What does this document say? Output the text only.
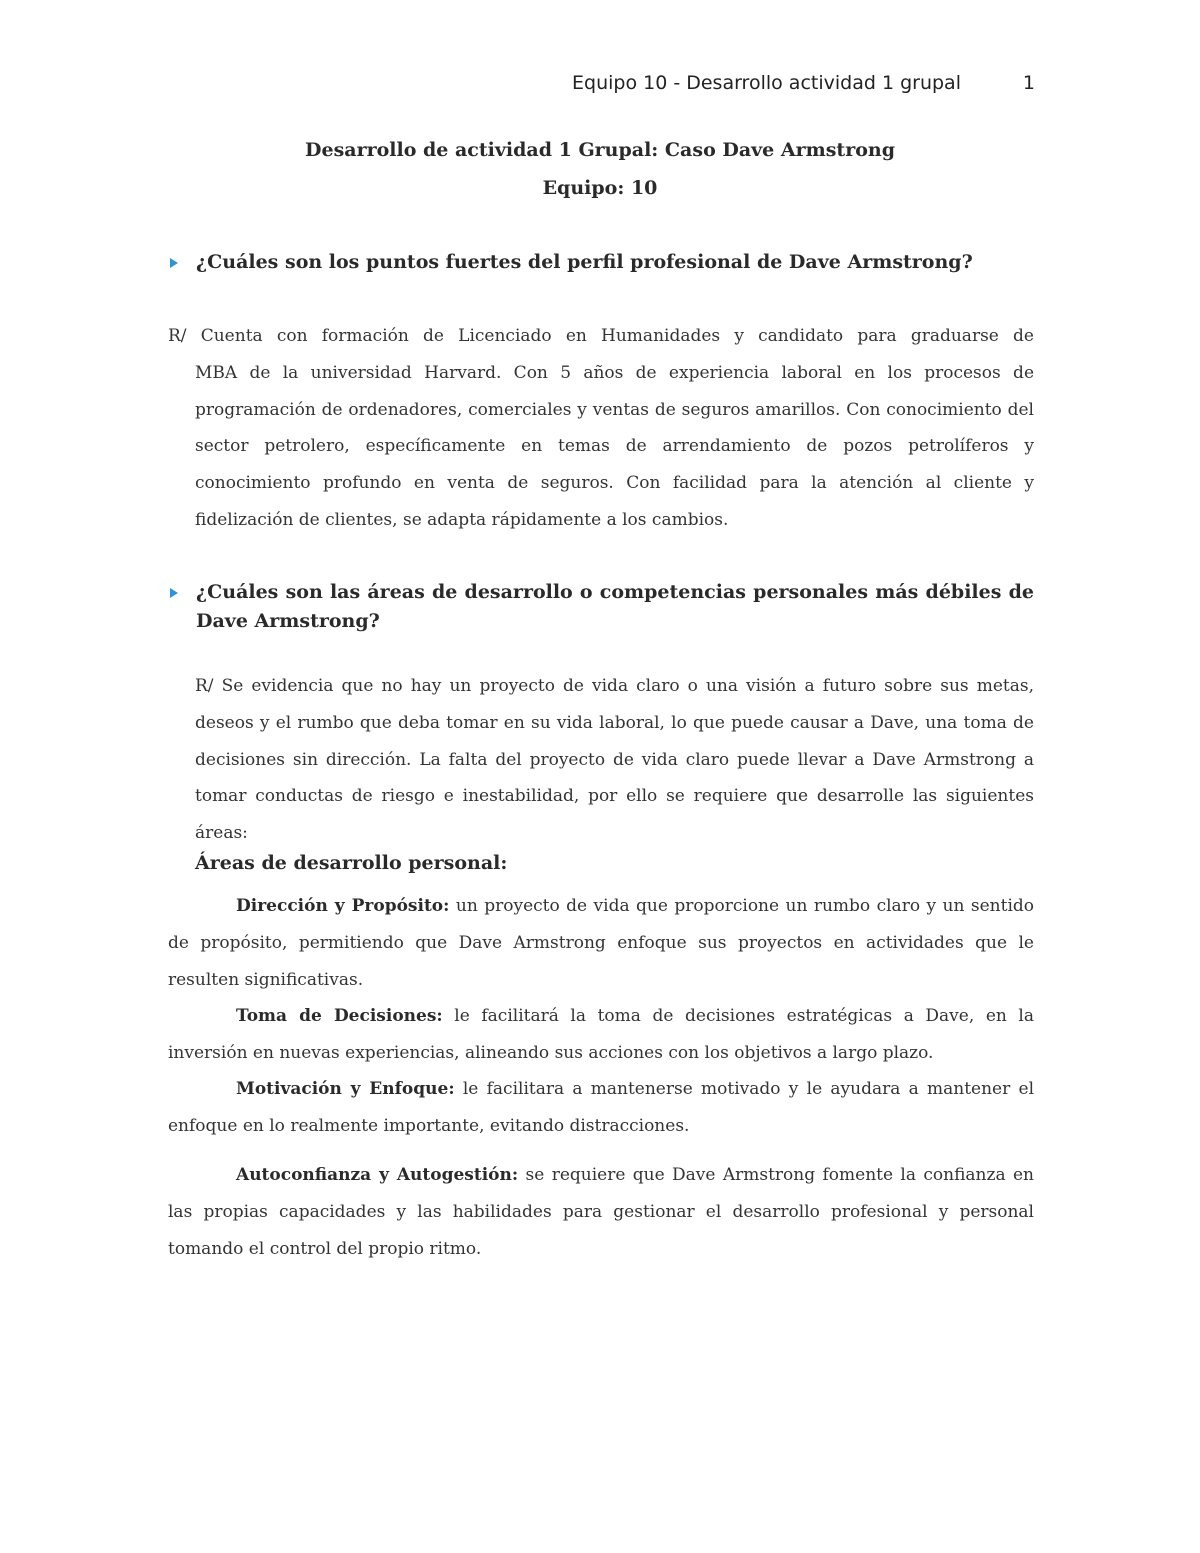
Equipo 10 - Desarrollo actividad 1 grupal	1
Desarrollo de actividad 1 Grupal: Caso Dave Armstrong
Equipo: 10
¿Cuáles son los puntos fuertes del perfil profesional de Dave Armstrong?
R/ Cuenta con formación de Licenciado en Humanidades y candidato para graduarse de
MBA de la universidad Harvard. Con 5 años de experiencia laboral en los procesos de programación de ordenadores, comerciales y ventas de seguros amarillos. Con conocimiento del sector petrolero, específicamente en temas de arrendamiento de pozos petrolíferos y conocimiento profundo en venta de seguros. Con facilidad para la atención al cliente y fidelización de clientes, se adapta rápidamente a los cambios.
¿Cuáles son las áreas de desarrollo o competencias personales más débiles de Dave Armstrong?
R/ Se evidencia que no hay un proyecto de vida claro o una visión a futuro sobre sus metas, deseos y el rumbo que deba tomar en su vida laboral, lo que puede causar a Dave, una toma de decisiones sin dirección. La falta del proyecto de vida claro puede llevar a Dave Armstrong a tomar conductas de riesgo e inestabilidad, por ello se requiere que desarrolle las siguientes áreas:
Áreas de desarrollo personal:
Dirección y Propósito: un proyecto de vida que proporcione un rumbo claro y un sentido de propósito, permitiendo que Dave Armstrong enfoque sus proyectos en actividades que le resulten significativas.
Toma de Decisiones: le facilitará la toma de decisiones estratégicas a Dave, en la inversión en nuevas experiencias, alineando sus acciones con los objetivos a largo plazo.
Motivación y Enfoque: le facilitara a mantenerse motivado y le ayudara a mantener el enfoque en lo realmente importante, evitando distracciones.
Autoconfianza y Autogestión: se requiere que Dave Armstrong fomente la confianza en las propias capacidades y las habilidades para gestionar el desarrollo profesional y personal tomando el control del propio ritmo.
